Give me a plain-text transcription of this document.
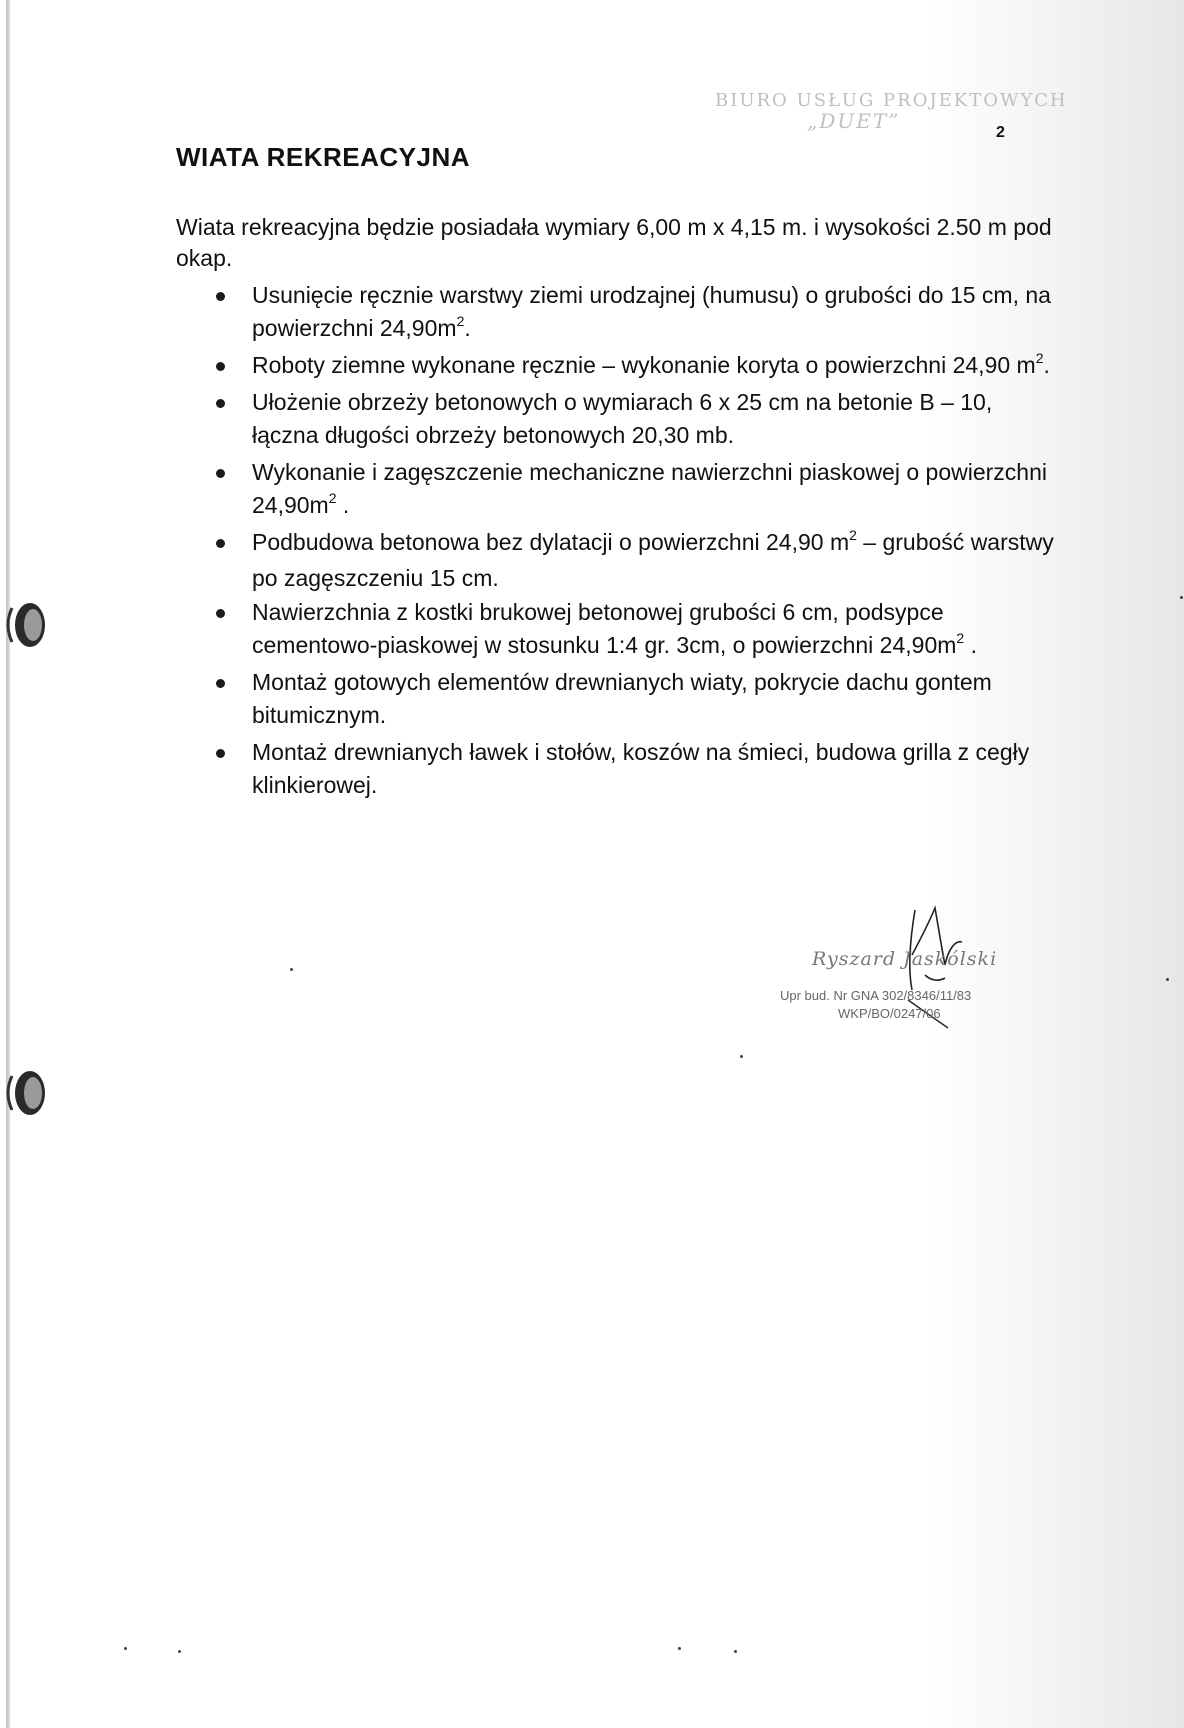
BIURO USŁUG PROJEKTOWYCH
„DUET”	2
WIATA REKREACYJNA

Wiata rekreacyjna będzie posiadała wymiary 6,00 m x 4,15 m. i wysokości 2.50 m pod okap.

Usunięcie ręcznie warstwy ziemi urodzajnej (humusu) o grubości do 15 cm, na powierzchni $24,90m^2$.
Roboty ziemne wykonane ręcznie – wykonanie koryta o powierzchni 24,90 $m^2$.
Ułożenie obrzeży betonowych o wymiarach 6 x 25 cm na betonie B – 10, łączna długości obrzeży betonowych 20,30 mb.
Wykonanie i zagęszczenie mechaniczne nawierzchni piaskowej o powierzchni $24,90m^2$ .
Podbudowa betonowa bez dylatacji o powierzchni 24,90 $m^2$ – grubość warstwy po zagęszczeniu 15 cm.
Nawierzchnia z kostki brukowej betonowej grubości 6 cm, podsypce cementowo-piaskowej w stosunku 1:4 gr. 3cm, o powierzchni $24,90m^2$ .
Montaż gotowych elementów drewnianych wiaty, pokrycie dachu gontem bitumicznym.
Montaż drewnianych ławek i stołów, koszów na śmieci, budowa grilla z cegły klinkierowej.
Ryszard Jaskólski
Upr bud. Nr GNA 302/8346/11/83
WKP/BO/0247/06
